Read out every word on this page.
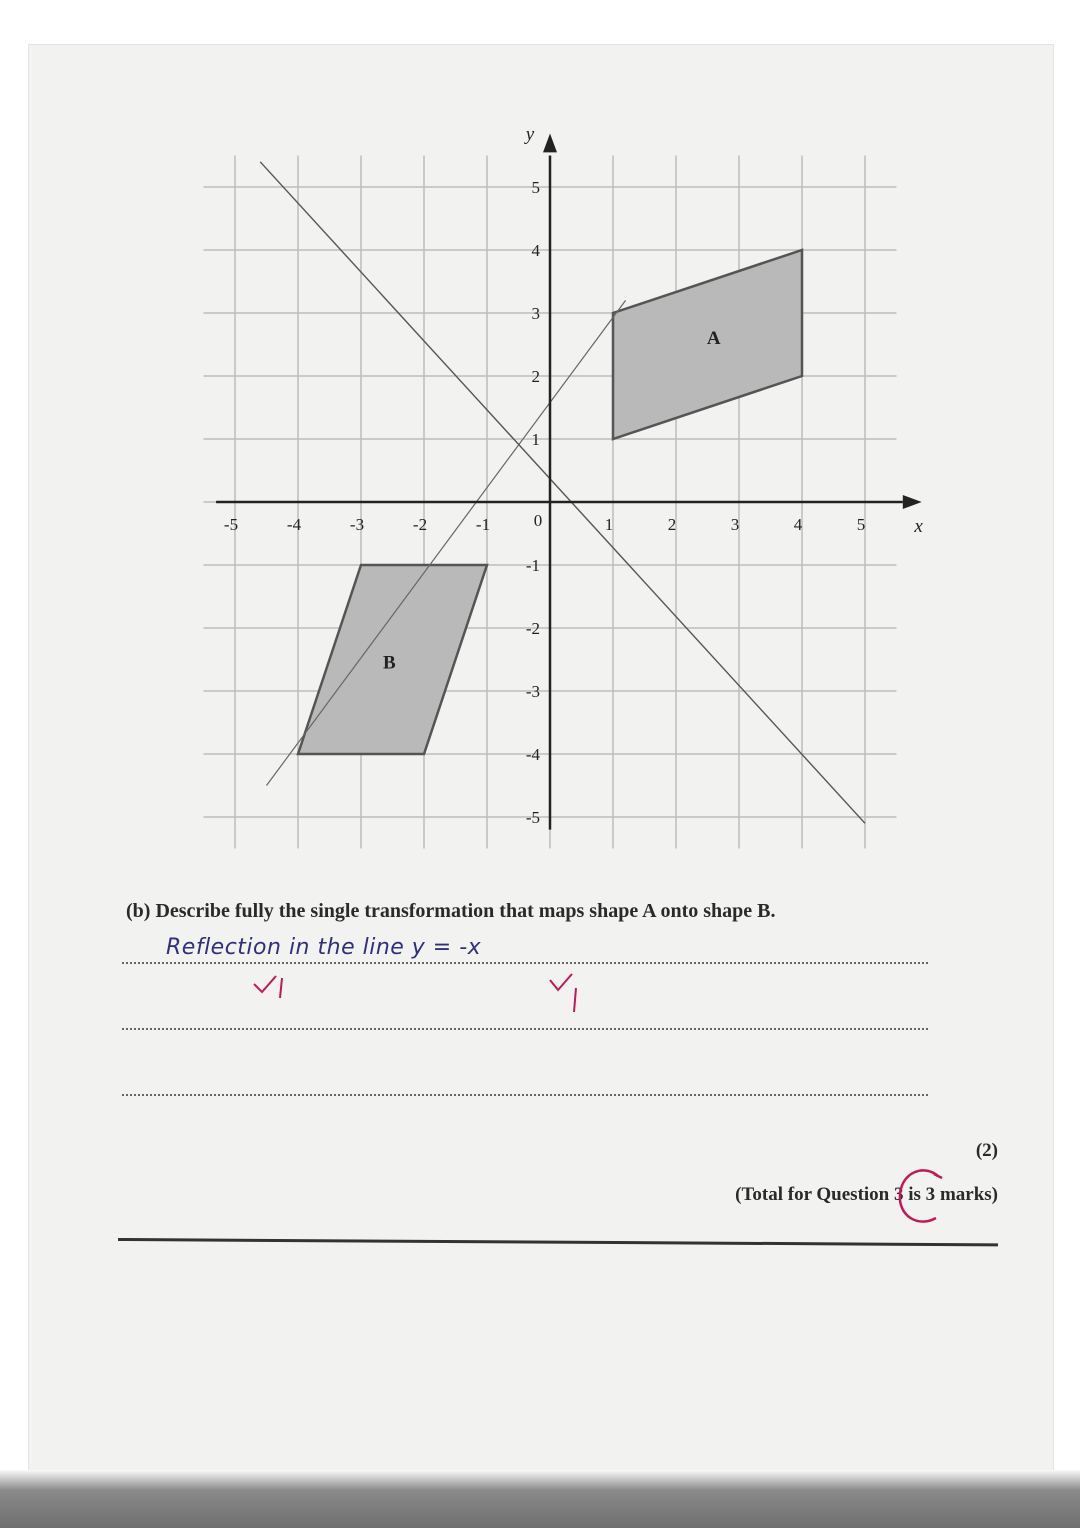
-5	-4	-3	-2	-1	1	2	3	4	5
5
4
3
2
1
-1
-2
-3
-4
-5
0	x
y
A
B
(b) Describe fully the single transformation that maps shape A onto shape B.
Reflection in the line y = -x
(2)
(Total for Question 3 is 3 marks)
